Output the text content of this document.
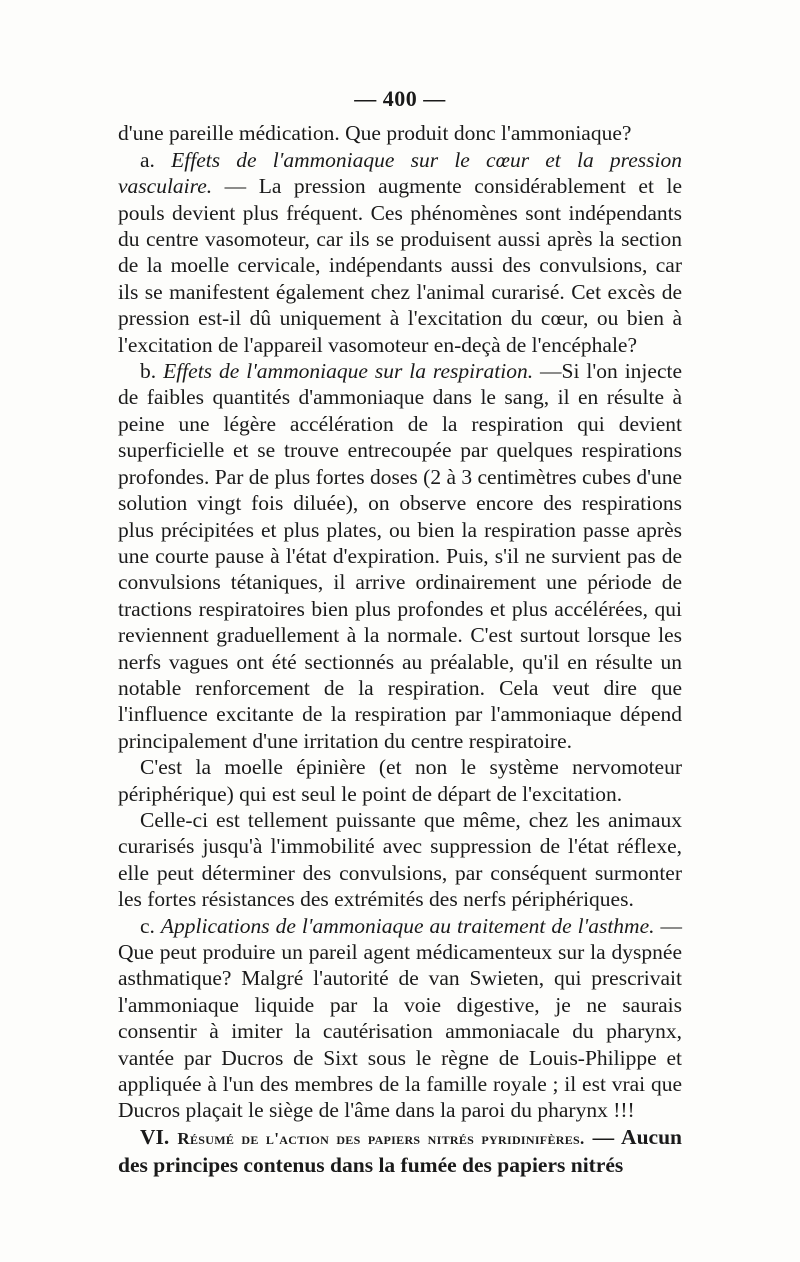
— 400 —

d'une pareille médication. Que produit donc l'ammoniaque?

a. Effets de l'ammoniaque sur le cœur et la pression vasculaire. — La pression augmente considérablement et le pouls devient plus fréquent. Ces phénomènes sont indépendants du centre vasomoteur, car ils se produisent aussi après la section de la moelle cervicale, indépendants aussi des convulsions, car ils se manifestent également chez l'animal curarisé. Cet excès de pression est-il dû uniquement à l'excitation du cœur, ou bien à l'excitation de l'appareil vasomoteur en-deçà de l'encéphale?

b. Effets de l'ammoniaque sur la respiration. —Si l'on injecte de faibles quantités d'ammoniaque dans le sang, il en résulte à peine une légère accélération de la respiration qui devient superficielle et se trouve entrecoupée par quelques respirations profondes. Par de plus fortes doses (2 à 3 centimètres cubes d'une solution vingt fois diluée), on observe encore des respirations plus précipitées et plus plates, ou bien la respiration passe après une courte pause à l'état d'expiration. Puis, s'il ne survient pas de convulsions tétaniques, il arrive ordinairement une période de tractions respiratoires bien plus profondes et plus accélérées, qui reviennent graduellement à la normale. C'est surtout lorsque les nerfs vagues ont été sectionnés au préalable, qu'il en résulte un notable renforcement de la respiration. Cela veut dire que l'influence excitante de la respiration par l'ammoniaque dépend principalement d'une irritation du centre respiratoire.

C'est la moelle épinière (et non le système nervomoteur périphérique) qui est seul le point de départ de l'excitation.

Celle-ci est tellement puissante que même, chez les animaux curarisés jusqu'à l'immobilité avec suppression de l'état réflexe, elle peut déterminer des convulsions, par conséquent surmonter les fortes résistances des extrémités des nerfs périphériques.

c. Applications de l'ammoniaque au traitement de l'asthme. — Que peut produire un pareil agent médicamenteux sur la dyspnée asthmatique? Malgré l'autorité de van Swieten, qui prescrivait l'ammoniaque liquide par la voie digestive, je ne saurais consentir à imiter la cautérisation ammoniacale du pharynx, vantée par Ducros de Sixt sous le règne de Louis-Philippe et appliquée à l'un des membres de la famille royale ; il est vrai que Ducros plaçait le siège de l'âme dans la paroi du pharynx !!!

VI. Résumé de l'action des papiers nitrés pyridinifères. — Aucun des principes contenus dans la fumée des papiers nitrés
